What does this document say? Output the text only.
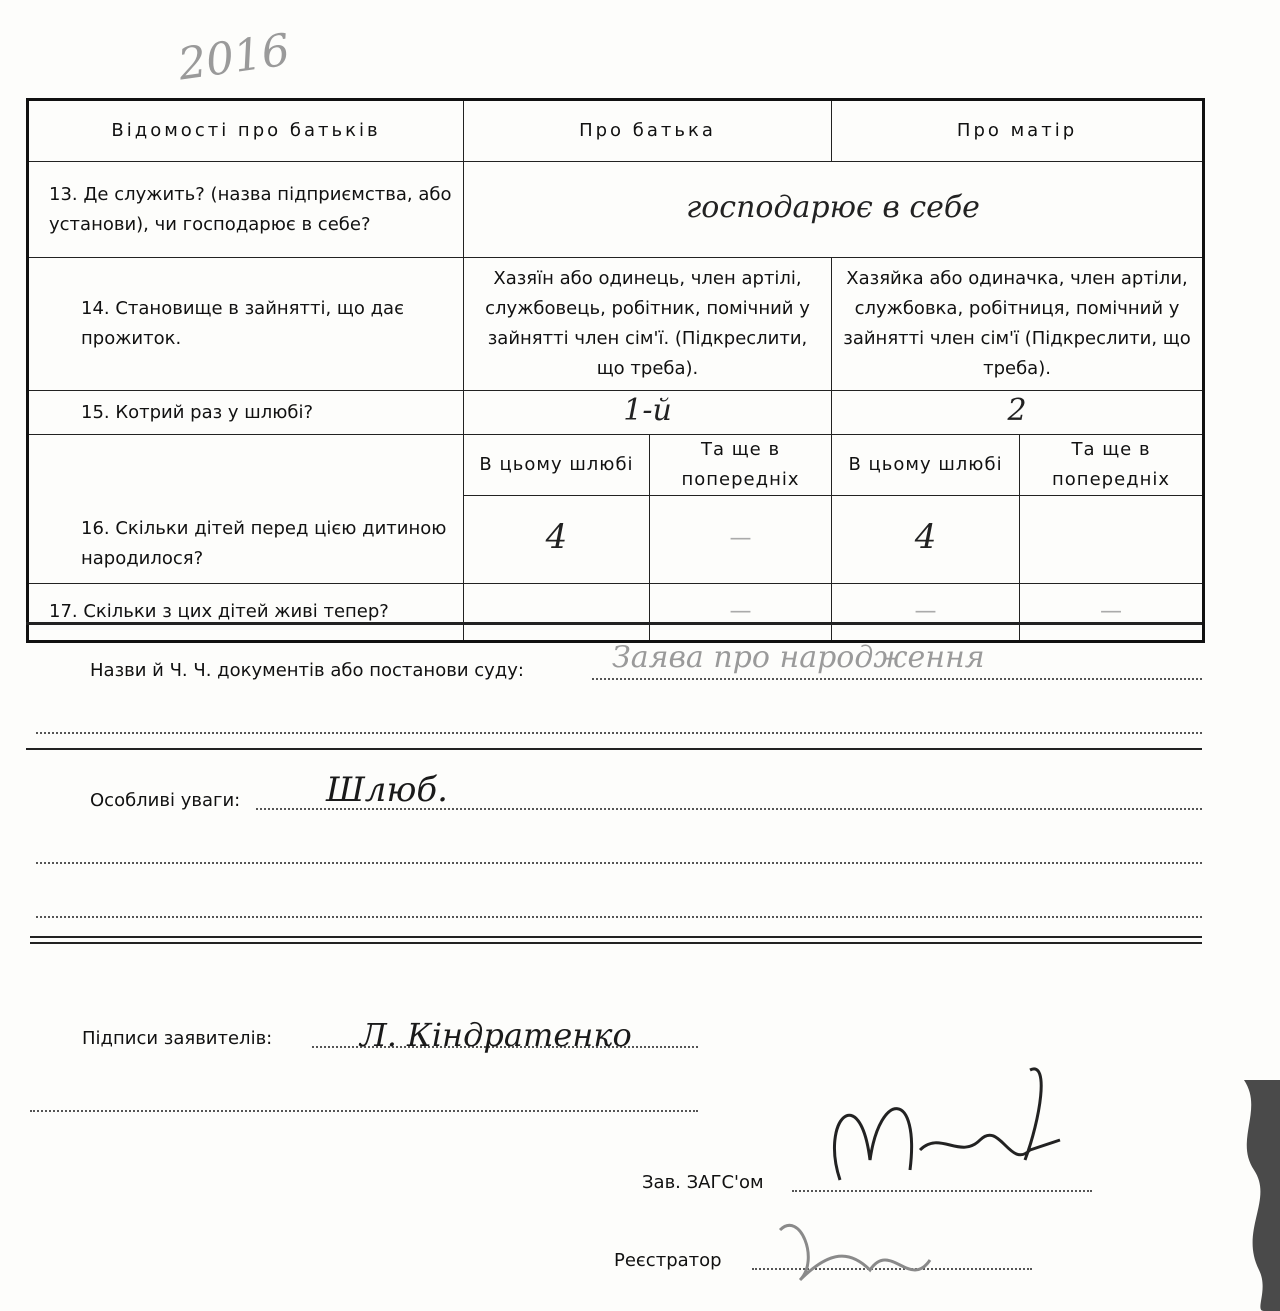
2016
Відомості про батьків	Про батька		Про матір	
13. Де служить? (назва підприємства, або установи), чи господарює в себе?	господарює в себе			
14. Становище в зайнятті, що дає прожиток.	Хазяїн або одинець, член артілі, службовець, робітник, помічний у зайнятті член сім'ї. (Підкреслити, що треба).		Хазяйка або одиначка, член артіли, службовка, робітниця, помічний у зайнятті член сім'ї (Підкреслити, що треба).	
15. Котрий раз у шлюбі?	1-й		2	
16. Скільки дітей перед цією дитиною народилося?	В цьому шлюбі	Та ще в попередніх	В цьому шлюбі	Та ще в попередніх
	4	—	4	
17. Скільки з цих дітей живі тепер?		—	—	—
Назви й Ч. Ч. документів або постанови суду:	Заява про народження
Особливі уваги:	Шлюб.
Підписи заявителів:	Л. Кіндратенко
Зав. ЗАГС'ом
Реєстратор
